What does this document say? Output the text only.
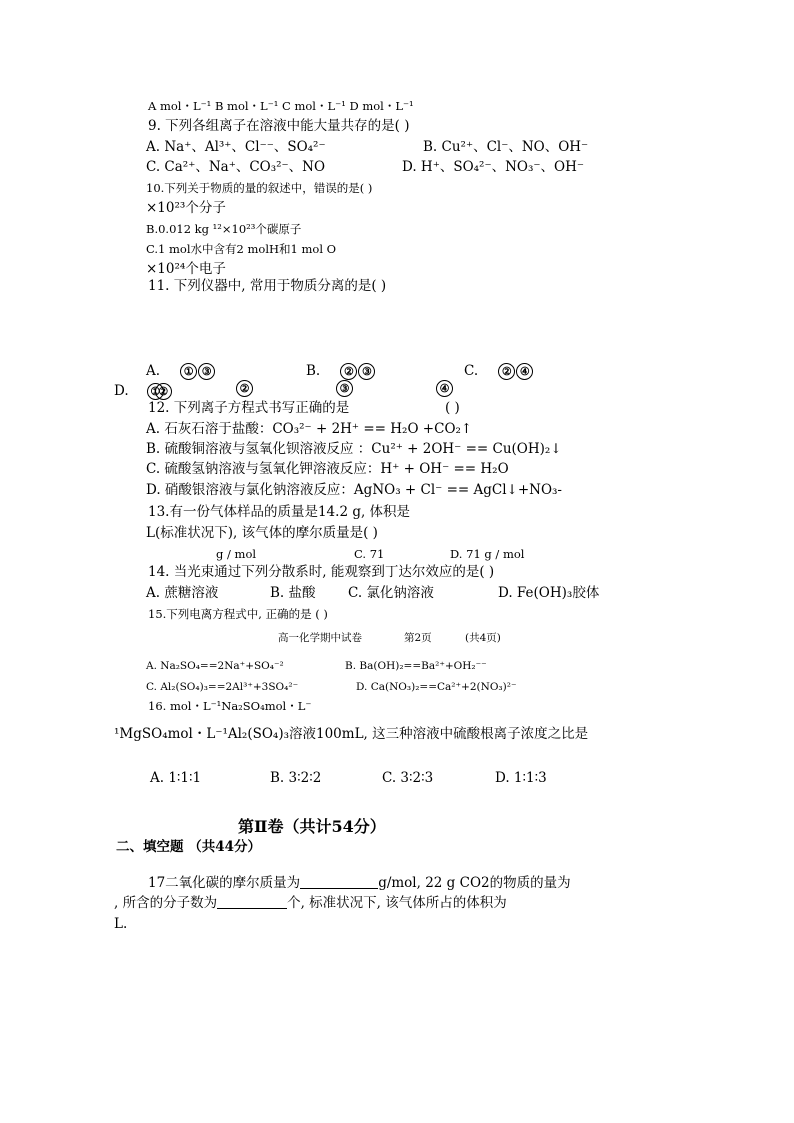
A mol・L⁻¹ B mol・L⁻¹ C mol・L⁻¹ D mol・L⁻¹
9. 下列各组离子在溶液中能大量共存的是( )
A. Na⁺、Al³⁺、Cl⁻⁻、SO₄²⁻	B. Cu²⁺、Cl⁻、NO、OH⁻
C. Ca²⁺、Na⁺、CO₃²⁻、NO	D. H⁺、SO₄²⁻、NO₃⁻、OH⁻
10.下列关于物质的量的叙述中，错误的是( )
×10²³个分子
B.0.012 kg ¹²×10²³个碳原子
C.1 mol水中含有2 molH和1 mol O
×10²⁴个电子
11. 下列仪器中, 常用于物质分离的是( )
A. ① ③	B. ② ③	C. ② ④
D. ①②	②	③	④
12. 下列离子方程式书写正确的是	( )
A. 石灰石溶于盐酸：CO₃²⁻ + 2H⁺ == H₂O +CO₂↑
B. 硫酸铜溶液与氢氧化钡溶液反应 ：Cu²⁺ + 2OH⁻ == Cu(OH)₂↓
C. 硫酸氢钠溶液与氢氧化钾溶液反应：H⁺ + OH⁻ == H₂O
D. 硝酸银溶液与氯化钠溶液反应：AgNO₃ + Cl⁻ == AgCl↓+NO₃-
13.有一份气体样品的质量是14.2 g, 体积是
L(标准状况下), 该气体的摩尔质量是( )
g / mol	C. 71	D. 71 g / mol
14. 当光束通过下列分散系时, 能观察到丁达尔效应的是( )
A. 蔗糖溶液	B. 盐酸 C. 氯化钠溶液	D. Fe(OH)₃胶体
15.下列电离方程式中, 正确的是 ( )
高一化学期中试卷	第2页	(共4页)
A. Na₂SO₄==2Na⁺+SO₄⁻²	B. Ba(OH)₂==Ba²⁺+OH₂⁻⁻
C. Al₂(SO₄)₃==2Al³⁺+3SO₄²⁻	D. Ca(NO₃)₂==Ca²⁺+2(NO₃)²⁻
16. mol・L⁻¹Na₂SO₄mol・L⁻
¹MgSO₄mol・L⁻¹Al₂(SO₄)₃溶液100mL, 这三种溶液中硫酸根离子浓度之比是
A. 1∶1∶1	B. 3∶2∶2	C. 3∶2∶3	D. 1∶1∶3
第Ⅱ卷（共计54分）
二、填空题 （共44分）
17二氧化碳的摩尔质量为	g/mol, 22 g CO2的物质的量为
, 所含的分子数为	个, 标准状况下, 该气体所占的体积为
L.
